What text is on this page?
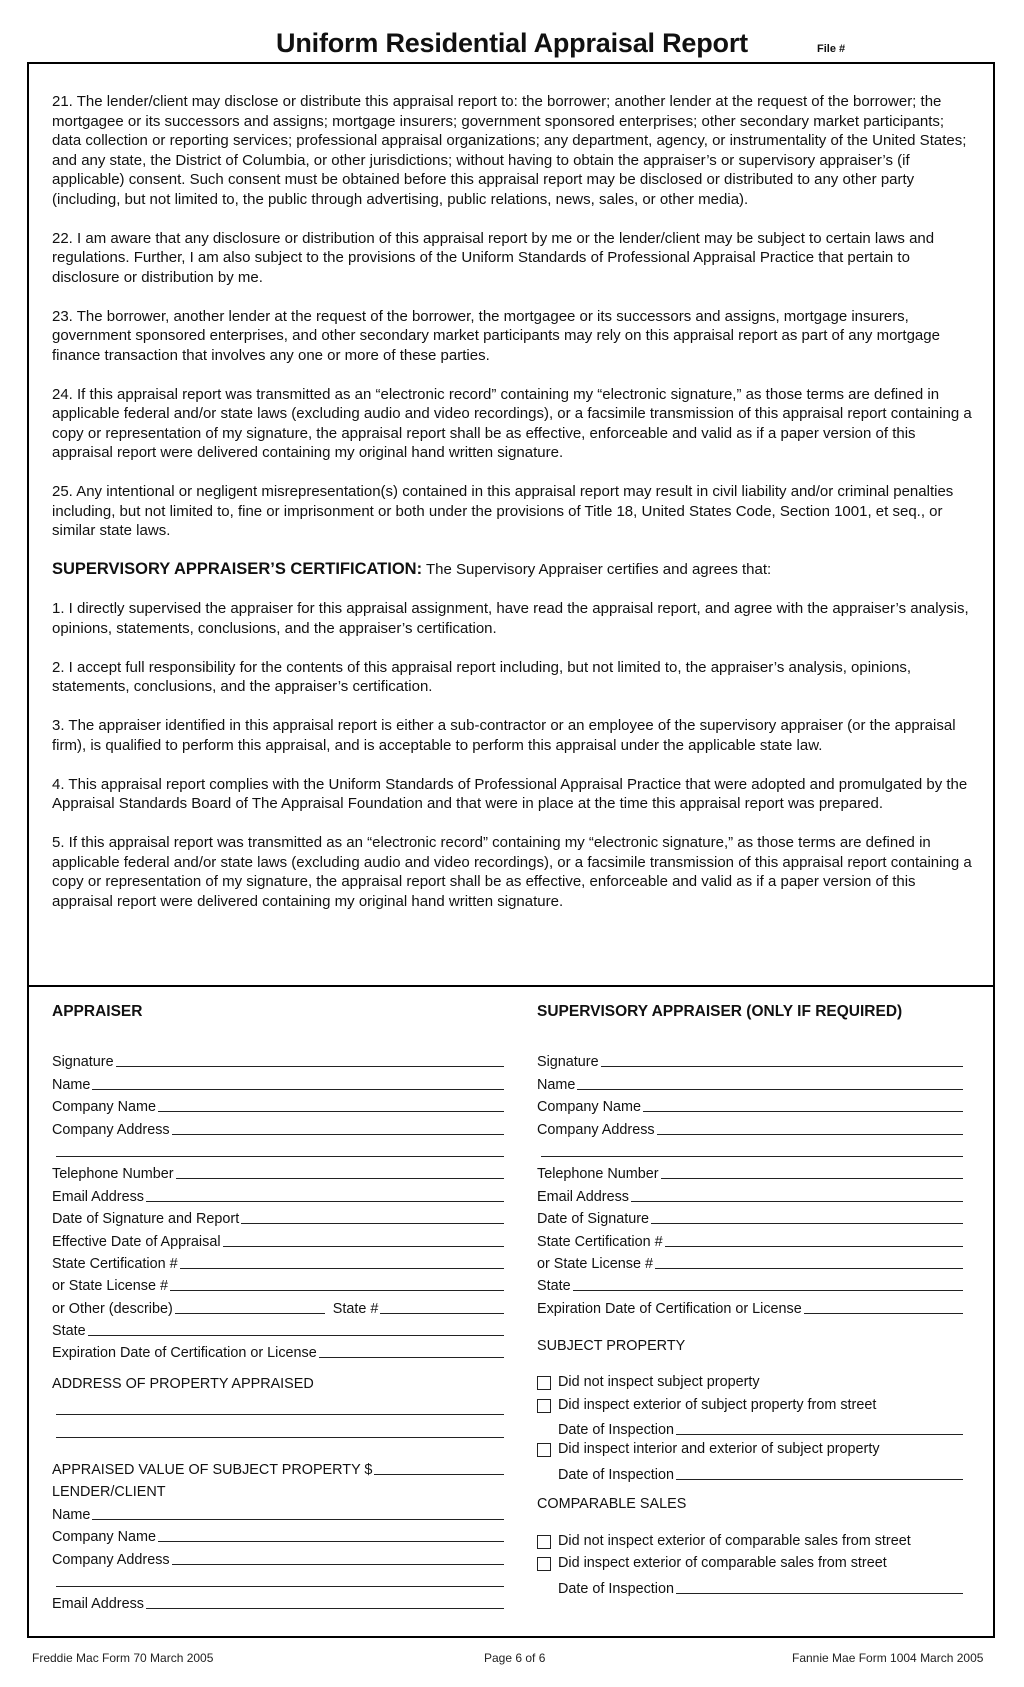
Uniform Residential Appraisal Report	File #

21. The lender/client may disclose or distribute this appraisal report to: the borrower; another lender at the request of the borrower; the mortgagee or its successors and assigns; mortgage insurers; government sponsored enterprises; other secondary market participants; data collection or reporting services; professional appraisal organizations; any department, agency, or instrumentality of the United States; and any state, the District of Columbia, or other jurisdictions; without having to obtain the appraiser’s or supervisory appraiser’s (if applicable) consent. Such consent must be obtained before this appraisal report may be disclosed or distributed to any other party (including, but not limited to, the public through advertising, public relations, news, sales, or other media).

22. I am aware that any disclosure or distribution of this appraisal report by me or the lender/client may be subject to certain laws and regulations. Further, I am also subject to the provisions of the Uniform Standards of Professional Appraisal Practice that pertain to disclosure or distribution by me.

23. The borrower, another lender at the request of the borrower, the mortgagee or its successors and assigns, mortgage insurers, government sponsored enterprises, and other secondary market participants may rely on this appraisal report as part of any mortgage finance transaction that involves any one or more of these parties.

24. If this appraisal report was transmitted as an “electronic record” containing my “electronic signature,” as those terms are defined in applicable federal and/or state laws (excluding audio and video recordings), or a facsimile transmission of this appraisal report containing a copy or representation of my signature, the appraisal report shall be as effective, enforceable and valid as if a paper version of this appraisal report were delivered containing my original hand written signature.

25. Any intentional or negligent misrepresentation(s) contained in this appraisal report may result in civil liability and/or criminal penalties including, but not limited to, fine or imprisonment or both under the provisions of Title 18, United States Code, Section 1001, et seq., or similar state laws.

SUPERVISORY APPRAISER’S CERTIFICATION: The Supervisory Appraiser certifies and agrees that:

1. I directly supervised the appraiser for this appraisal assignment, have read the appraisal report, and agree with the appraiser’s analysis, opinions, statements, conclusions, and the appraiser’s certification.

2. I accept full responsibility for the contents of this appraisal report including, but not limited to, the appraiser’s analysis, opinions, statements, conclusions, and the appraiser’s certification.

3. The appraiser identified in this appraisal report is either a sub-contractor or an employee of the supervisory appraiser (or the appraisal firm), is qualified to perform this appraisal, and is acceptable to perform this appraisal under the applicable state law.

4. This appraisal report complies with the Uniform Standards of Professional Appraisal Practice that were adopted and promulgated by the Appraisal Standards Board of The Appraisal Foundation and that were in place at the time this appraisal report was prepared.

5. If this appraisal report was transmitted as an “electronic record” containing my “electronic signature,” as those terms are defined in applicable federal and/or state laws (excluding audio and video recordings), or a facsimile transmission of this appraisal report containing a copy or representation of my signature, the appraisal report shall be as effective, enforceable and valid as if a paper version of this appraisal report were delivered containing my original hand written signature.

APPRAISER
Signature
Name
Company Name
Company Address
Telephone Number
Email Address
Date of Signature and Report
Effective Date of Appraisal
State Certification #
or State License #
or Other (describe)	State #
State
Expiration Date of Certification or License
ADDRESS OF PROPERTY APPRAISED
APPRAISED VALUE OF SUBJECT PROPERTY $
LENDER/CLIENT
Name
Company Name
Company Address
Email Address
SUPERVISORY APPRAISER (ONLY IF REQUIRED)
Signature
Name
Company Name
Company Address
Telephone Number
Email Address
Date of Signature
State Certification #
or State License #
State
Expiration Date of Certification or License
SUBJECT PROPERTY
Did not inspect subject property
Did inspect exterior of subject property from street
Date of Inspection
Did inspect interior and exterior of subject property
Date of Inspection
COMPARABLE SALES
Did not inspect exterior of comparable sales from street
Did inspect exterior of comparable sales from street
Date of Inspection
Freddie Mac Form 70 March 2005	Page 6 of 6	Fannie Mae Form 1004 March 2005
